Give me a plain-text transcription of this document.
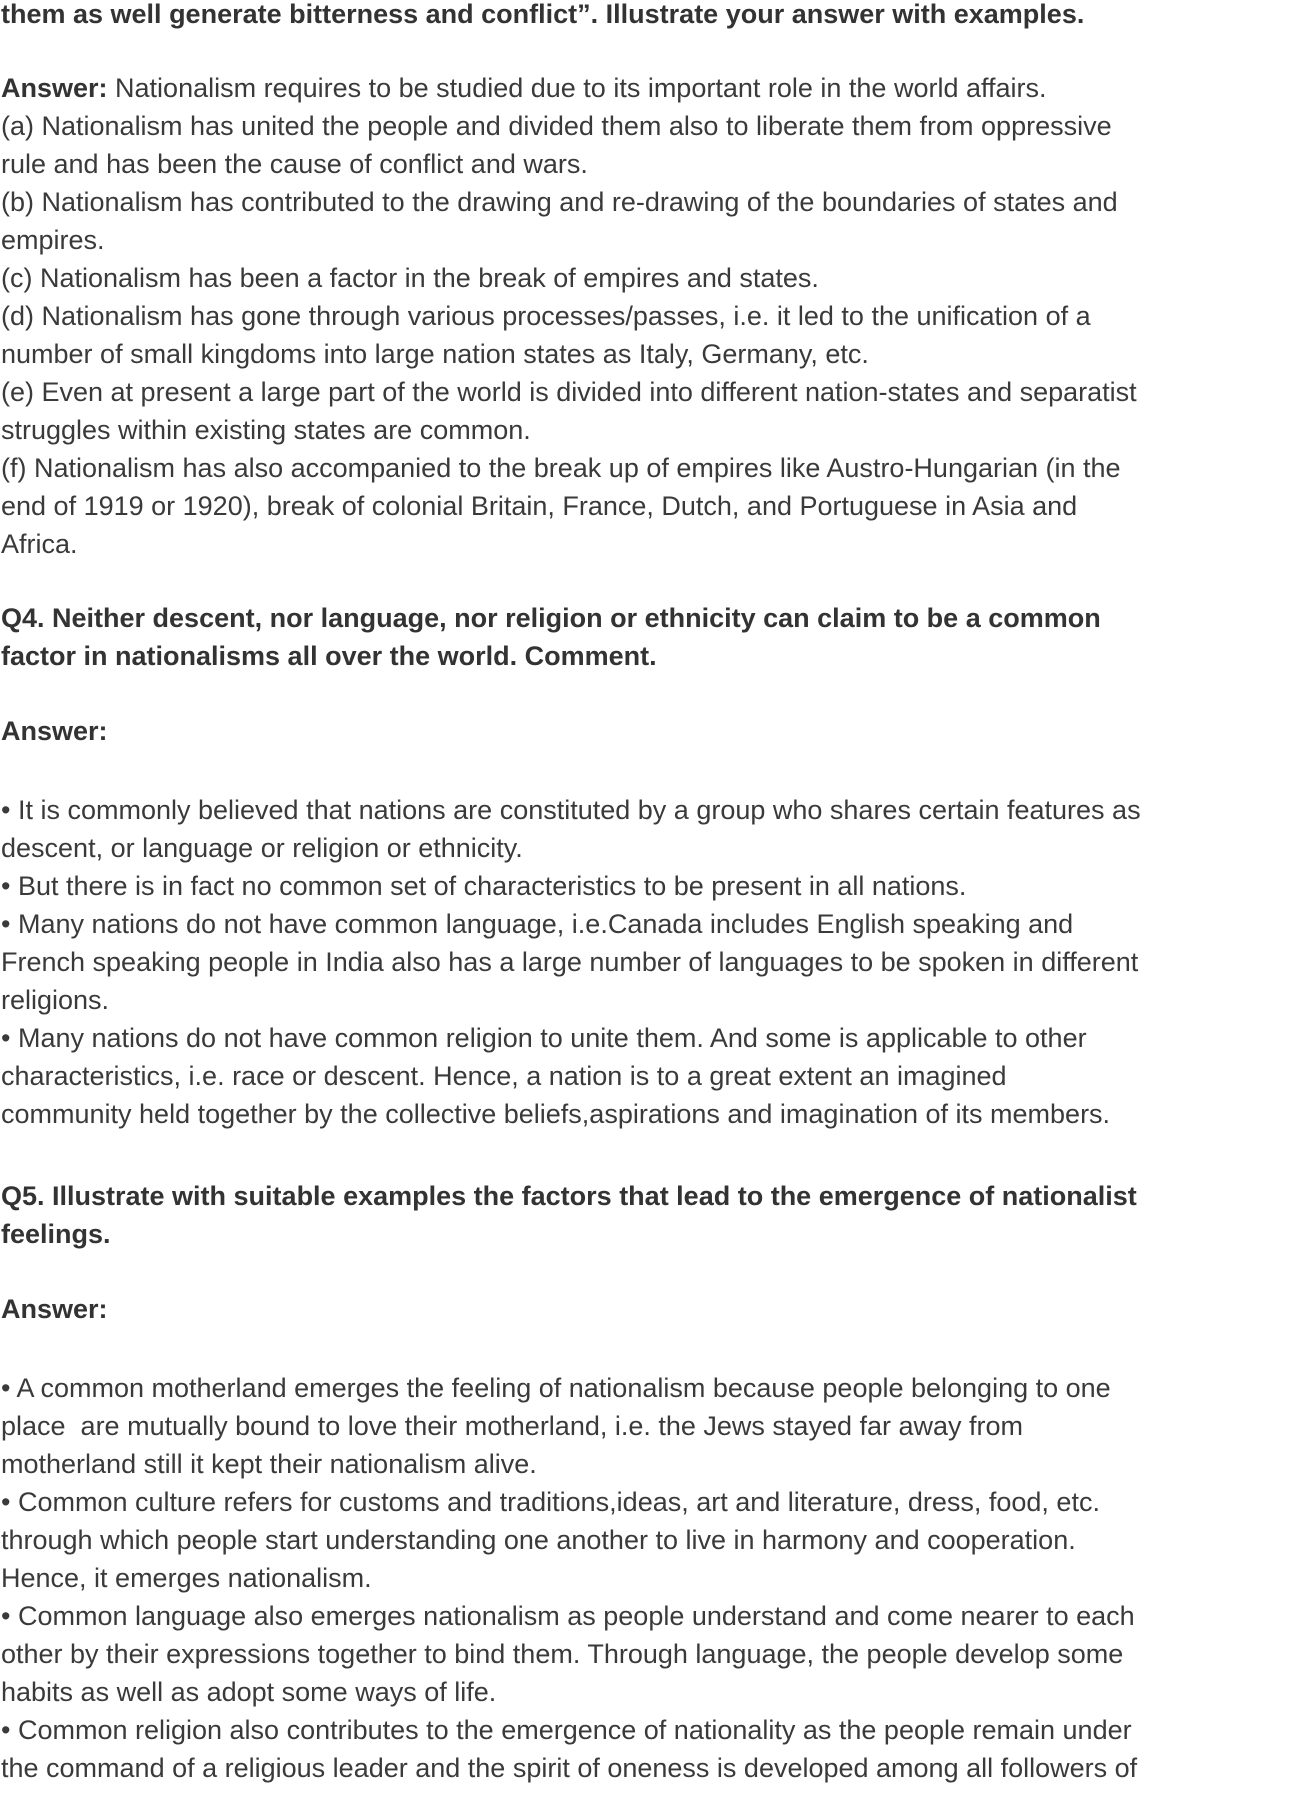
them as well generate bitterness and conflict”. Illustrate your answer with examples.
Answer: Nationalism requires to be studied due to its important role in the world affairs.
(a) Nationalism has united the people and divided them also to liberate them from oppressive
rule and has been the cause of conflict and wars.
(b) Nationalism has contributed to the drawing and re-drawing of the boundaries of states and
empires.
(c) Nationalism has been a factor in the break of empires and states.
(d) Nationalism has gone through various processes/passes, i.e. it led to the unification of a
number of small kingdoms into large nation states as Italy, Germany, etc.
(e) Even at present a large part of the world is divided into different nation-states and separatist
struggles within existing states are common.
(f) Nationalism has also accompanied to the break up of empires like Austro-Hungarian (in the
end of 1919 or 1920), break of colonial Britain, France, Dutch, and Portuguese in Asia and
Africa.
Q4. Neither descent, nor language, nor religion or ethnicity can claim to be a common
factor in nationalisms all over the world. Comment.
Answer:
• It is commonly believed that nations are constituted by a group who shares certain features as
descent, or language or religion or ethnicity.
• But there is in fact no common set of characteristics to be present in all nations.
• Many nations do not have common language, i.e.Canada includes English speaking and
French speaking people in India also has a large number of languages to be spoken in different
religions.
• Many nations do not have common religion to unite them. And some is applicable to other
characteristics, i.e. race or descent. Hence, a nation is to a great extent an imagined
community held together by the collective beliefs,aspirations and imagination of its members.
Q5. Illustrate with suitable examples the factors that lead to the emergence of nationalist
feelings.
Answer:
• A common motherland emerges the feeling of nationalism because people belonging to one
place  are mutually bound to love their motherland, i.e. the Jews stayed far away from
motherland still it kept their nationalism alive.
• Common culture refers for customs and traditions,ideas, art and literature, dress, food, etc.
through which people start understanding one another to live in harmony and cooperation.
Hence, it emerges nationalism.
• Common language also emerges nationalism as people understand and come nearer to each
other by their expressions together to bind them. Through language, the people develop some
habits as well as adopt some ways of life.
• Common religion also contributes to the emergence of nationality as the people remain under
the command of a religious leader and the spirit of oneness is developed among all followers of
